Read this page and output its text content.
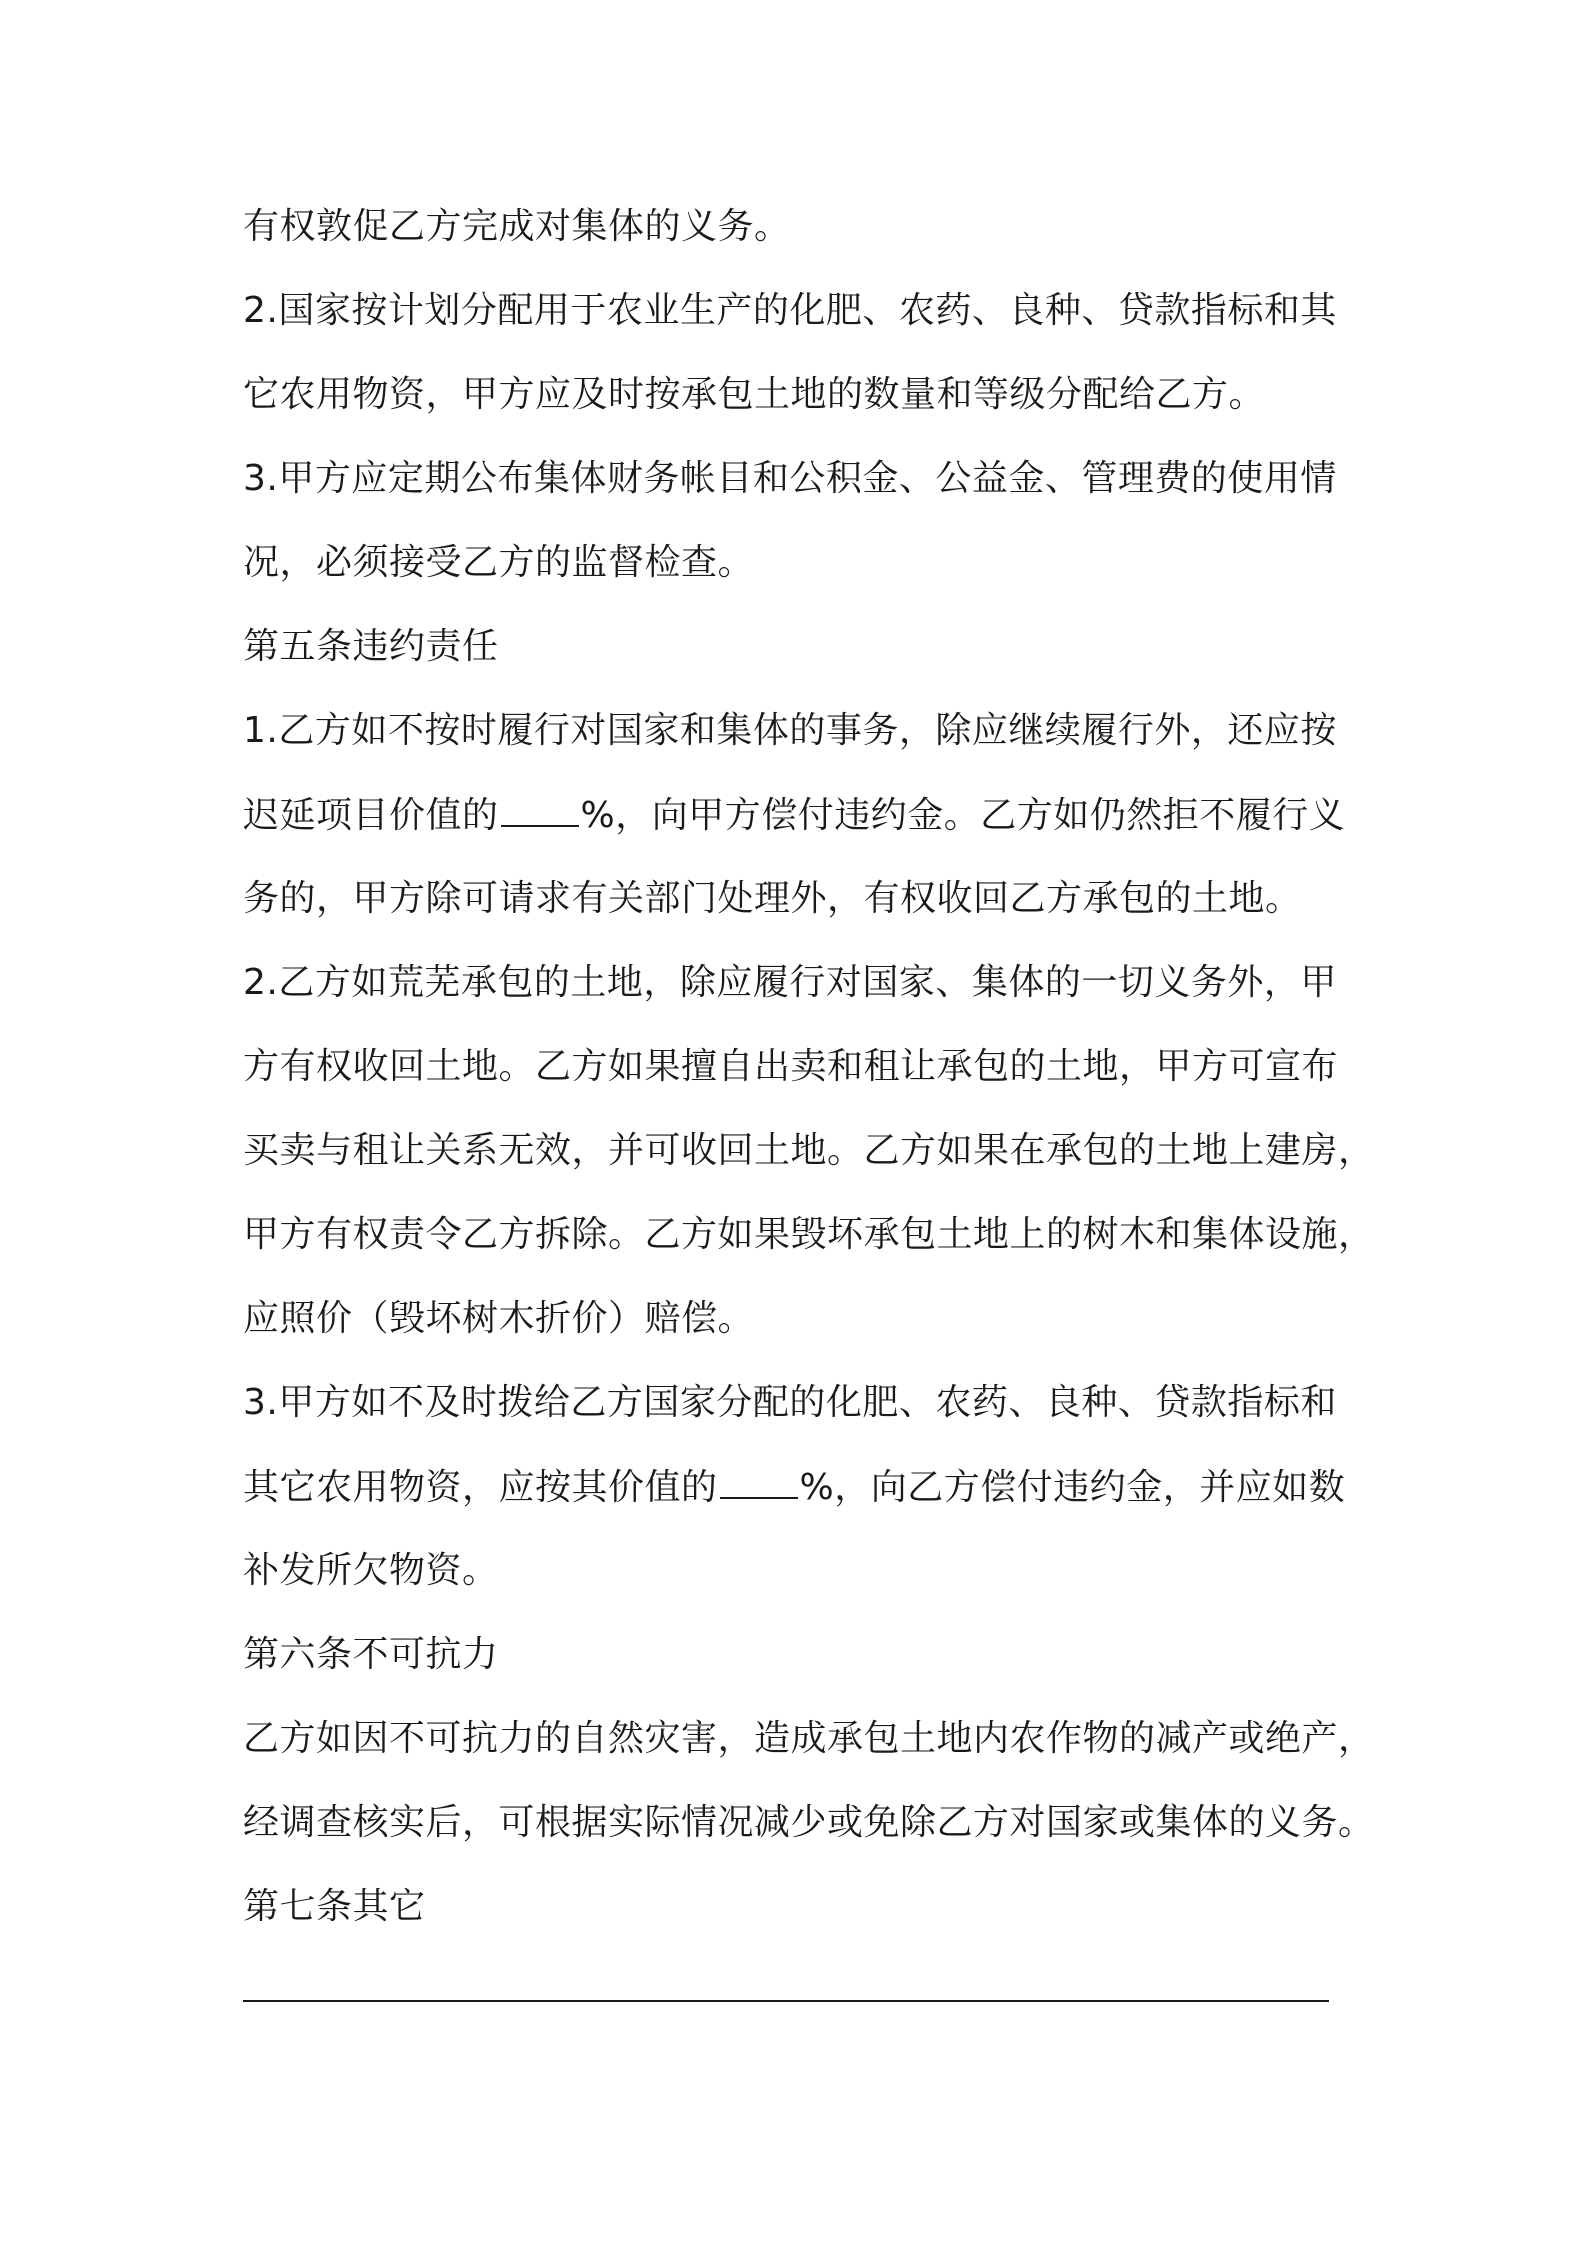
有权敦促乙方完成对集体的义务。
2.国家按计划分配用于农业生产的化肥、农药、良种、贷款指标和其
它农用物资，甲方应及时按承包土地的数量和等级分配给乙方。
3.甲方应定期公布集体财务帐目和公积金、公益金、管理费的使用情
况，必须接受乙方的监督检查。
第五条违约责任
1.乙方如不按时履行对国家和集体的事务，除应继续履行外，还应按
迟延项目价值的 %，向甲方偿付违约金。乙方如仍然拒不履行义
务的，甲方除可请求有关部门处理外，有权收回乙方承包的土地。
2.乙方如荒芜承包的土地，除应履行对国家、集体的一切义务外，甲
方有权收回土地。乙方如果擅自出卖和租让承包的土地，甲方可宣布
买卖与租让关系无效，并可收回土地。乙方如果在承包的土地上建房，
甲方有权责令乙方拆除。乙方如果毁坏承包土地上的树木和集体设施，
应照价（毁坏树木折价）赔偿。
3.甲方如不及时拨给乙方国家分配的化肥、农药、良种、贷款指标和
其它农用物资，应按其价值的 %，向乙方偿付违约金，并应如数
补发所欠物资。
第六条不可抗力
乙方如因不可抗力的自然灾害，造成承包土地内农作物的减产或绝产，
经调查核实后，可根据实际情况减少或免除乙方对国家或集体的义务。
第七条其它
